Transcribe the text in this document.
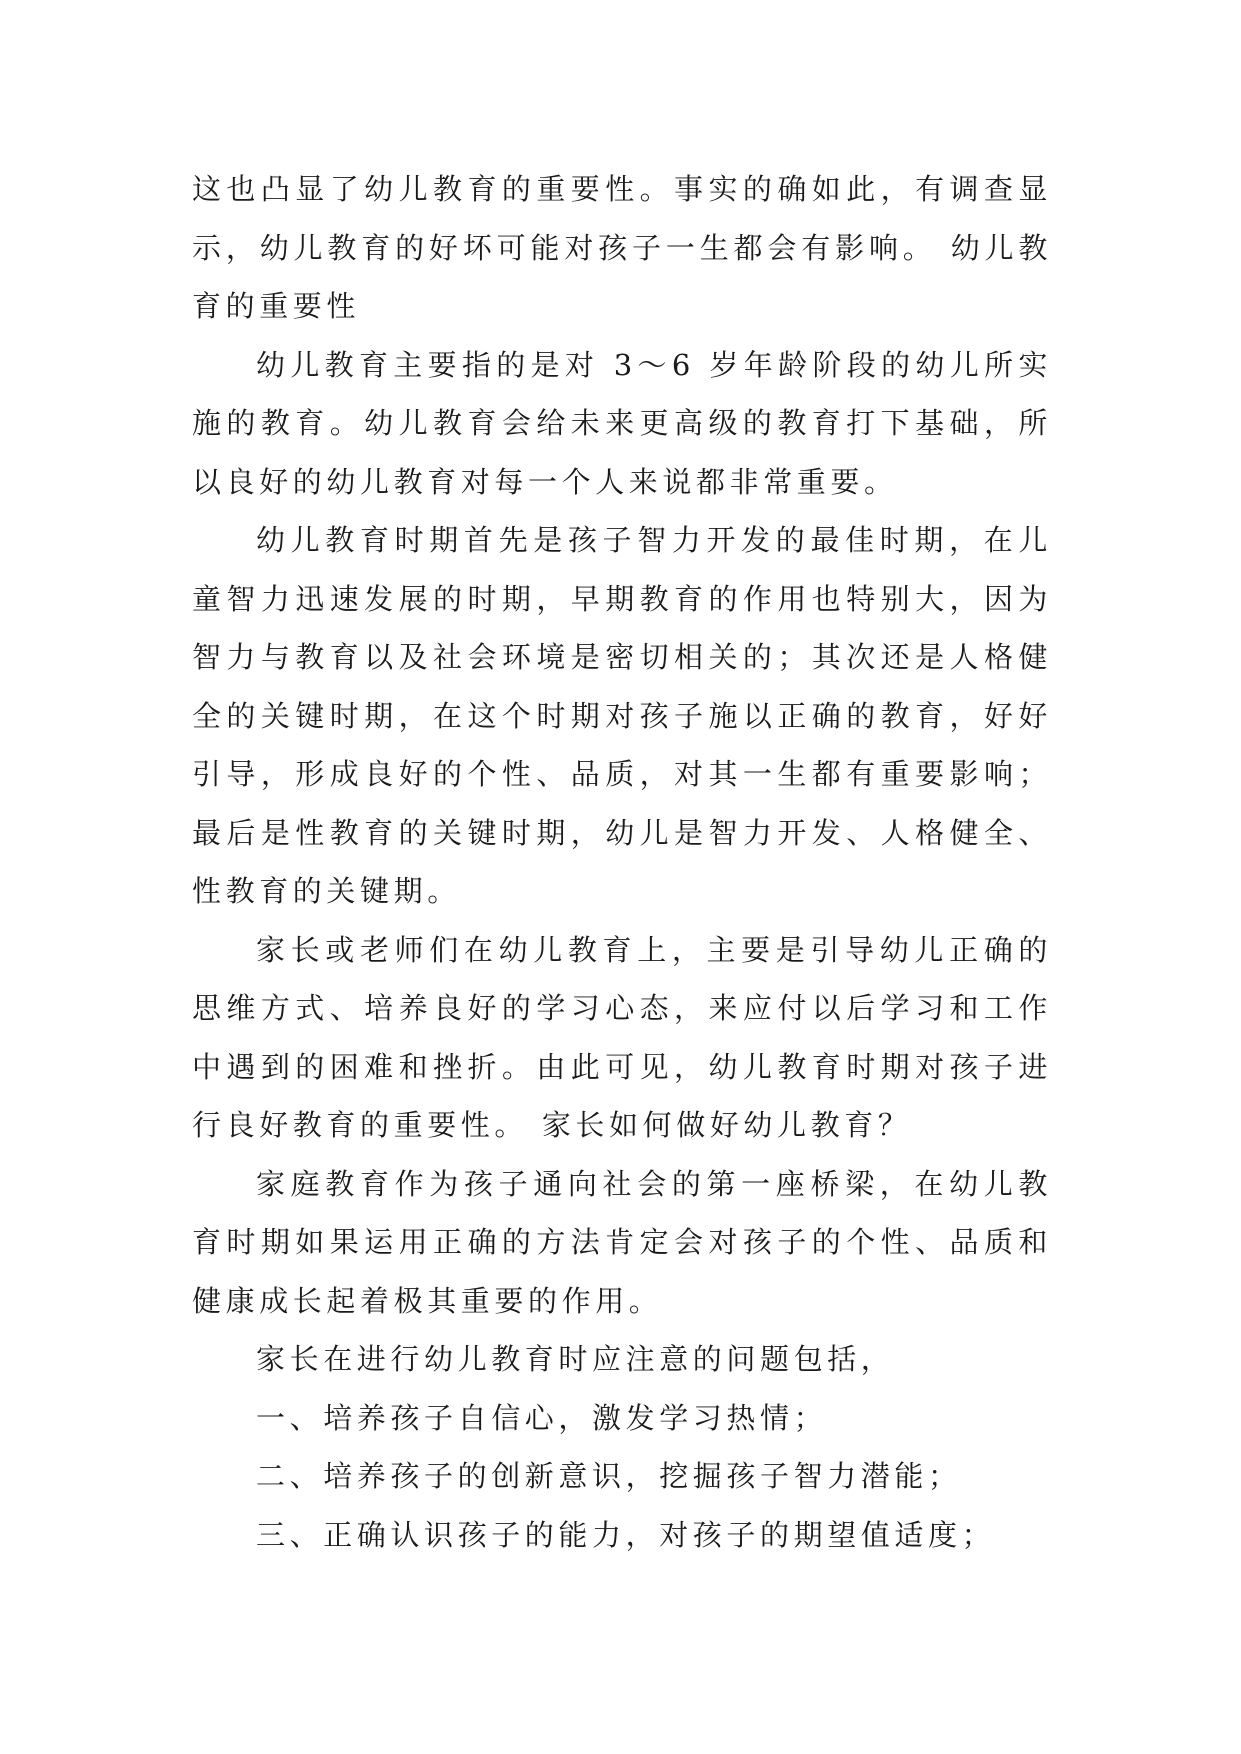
这也凸显了幼儿教育的重要性。事实的确如此，有调查显示，幼儿教育的好坏可能对孩子一生都会有影响。 幼儿教育的重要性

幼儿教育主要指的是对 3～6 岁年龄阶段的幼儿所实施的教育。幼儿教育会给未来更高级的教育打下基础，所以良好的幼儿教育对每一个人来说都非常重要。

幼儿教育时期首先是孩子智力开发的最佳时期，在儿童智力迅速发展的时期，早期教育的作用也特别大，因为智力与教育以及社会环境是密切相关的；其次还是人格健全的关键时期，在这个时期对孩子施以正确的教育，好好引导，形成良好的个性、品质，对其一生都有重要影响；最后是性教育的关键时期，幼儿是智力开发、人格健全、性教育的关键期。

家长或老师们在幼儿教育上，主要是引导幼儿正确的思维方式、培养良好的学习心态，来应付以后学习和工作中遇到的困难和挫折。由此可见，幼儿教育时期对孩子进行良好教育的重要性。 家长如何做好幼儿教育？

家庭教育作为孩子通向社会的第一座桥梁，在幼儿教育时期如果运用正确的方法肯定会对孩子的个性、品质和健康成长起着极其重要的作用。

家长在进行幼儿教育时应注意的问题包括，

一、培养孩子自信心，激发学习热情；

二、培养孩子的创新意识，挖掘孩子智力潜能；

三、正确认识孩子的能力，对孩子的期望值适度；
